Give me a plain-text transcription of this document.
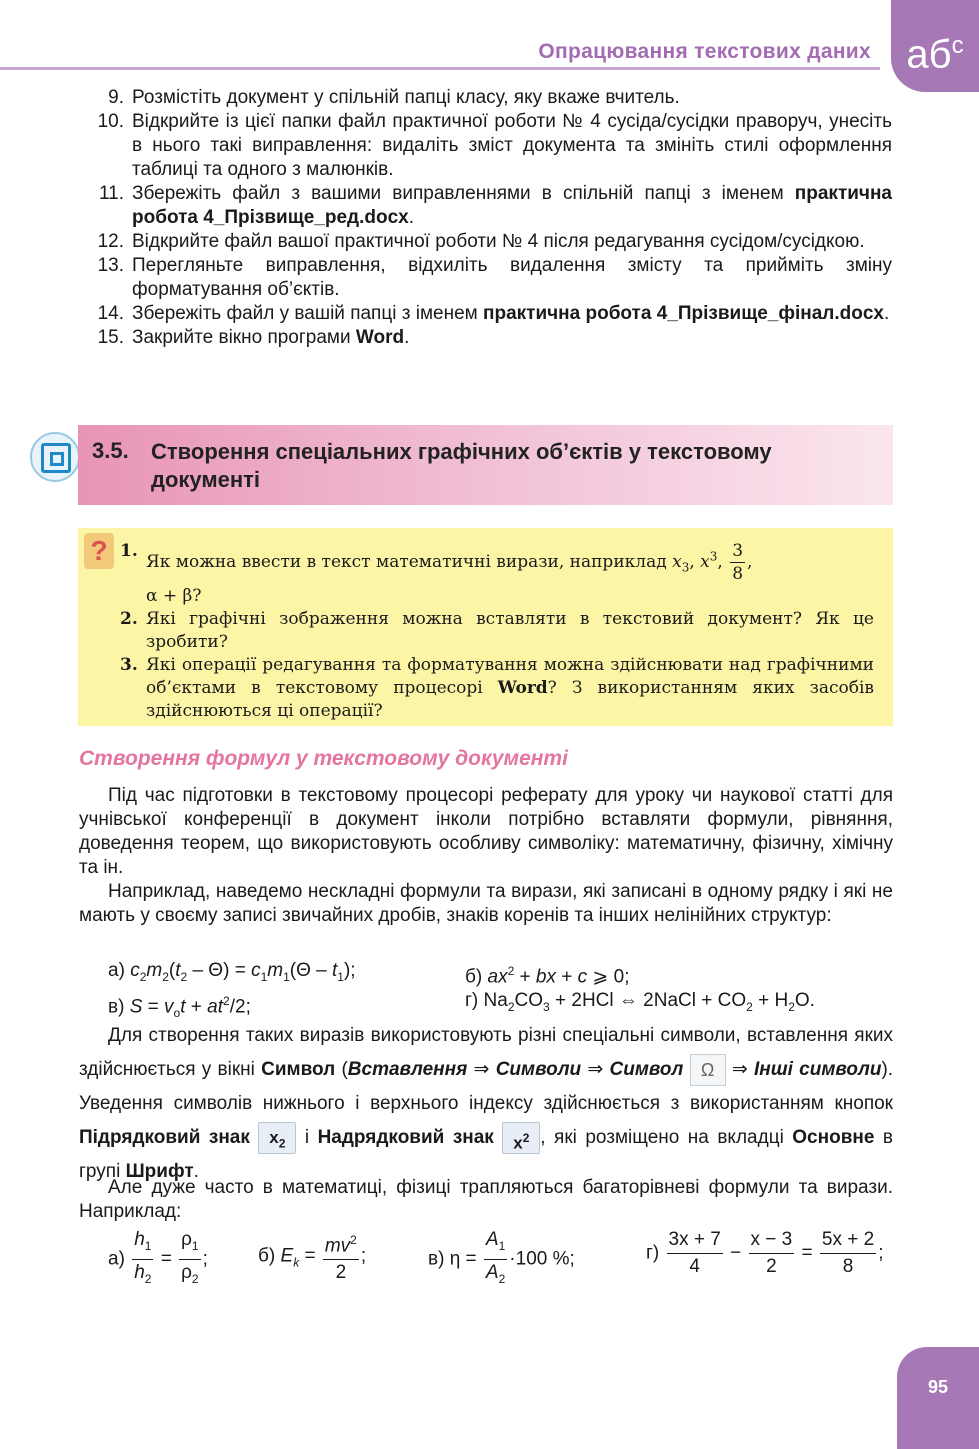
Опрацювання текстових даних $аб^с$
9. Розмістіть документ у спільній папці класу, яку вкаже вчитель.
10. Відкрийте із цієї папки файл практичної роботи № 4 сусіда/сусідки праворуч, унесіть в нього такі виправлення: видаліть зміст документа та змініть стилі оформлення таблиці та одного з малюнків.
11. Збережіть файл з вашими виправленнями в спільній папці з іменем практична робота 4_Прізвище_ред.docx.
12. Відкрийте файл вашої практичної роботи № 4 після редагування сусідом/сусідкою.
13. Перегляньте виправлення, відхиліть видалення змісту та прийміть зміну форматування об’єктів.
14. Збережіть файл у вашій папці з іменем практична робота 4_Прізвище_фінал.docx.
15. Закрийте вікно програми Word.
3.5. Створення спеціальних графічних об’єктів у текстовому документі
? 1.
Як можна ввести в текст математичні вирази, наприклад $x_3$, $x^3$, $\frac{3}{8}$ ,
α + β?
2. Які графічні зображення можна вставляти в текстовий документ? Як це зробити?
3. Які операції редагування та форматування можна здійснювати над графічними об’єктами в текстовому процесорі Word? З використанням яких засобів здійснюються ці операції?
Створення формул у текстовому документі
Під час підготовки в текстовому процесорі реферату для уроку чи наукової статті для учнівської конференції в документ інколи потрібно вставляти формули, рівняння, доведення теорем, що використовують особливу символіку: математичну, фізичну, хімічну та ін.
Наприклад, наведемо нескладні формули та вирази, які записані в одному рядку і які не мають у своєму записі звичайних дробів, знаків коренів та інших нелінійних структур:
а) $c_2m_2(t_2 - \Theta) = c_1m_1(\Theta - t_1)$;	б) $ax^2$ + bx + c ⩾ 0;
в) $S = v_ot + at^2/2$;	г) $Na_2CO_3 + 2HCl$ ⇔ 2NaCl + $CO_2 + H_2O$.
Для створення таких виразів використовують різні спеціальні символи, вставлення яких здійснюється у вікні Символ (Вставлення ⇒ Символи ⇒ Символ Ω ⇒ Інші символи). Уведення символів нижнього і верхнього індексу здійснюється з використанням кнопок Підрядковий знак $x_2$ і Надрядковий знак $x^2$ , які розміщено на вкладці Основне в групі Шрифт.
Але дуже часто в математиці, фізиці трапляються багаторівневі формули та вирази. Наприклад:
$а) \frac{h_1}{h_2} = \frac{\rho_1}{\rho_2}$ ;	б) $E_k = \frac{mv^2}{2}$ ;	в) $\eta = \frac{A_1}{A_2} \cdot 100$ %;	$г) \frac{3x + 7}{4} - \frac{x - 3}{2} = \frac{5x + 2}{8}$ ;
95
